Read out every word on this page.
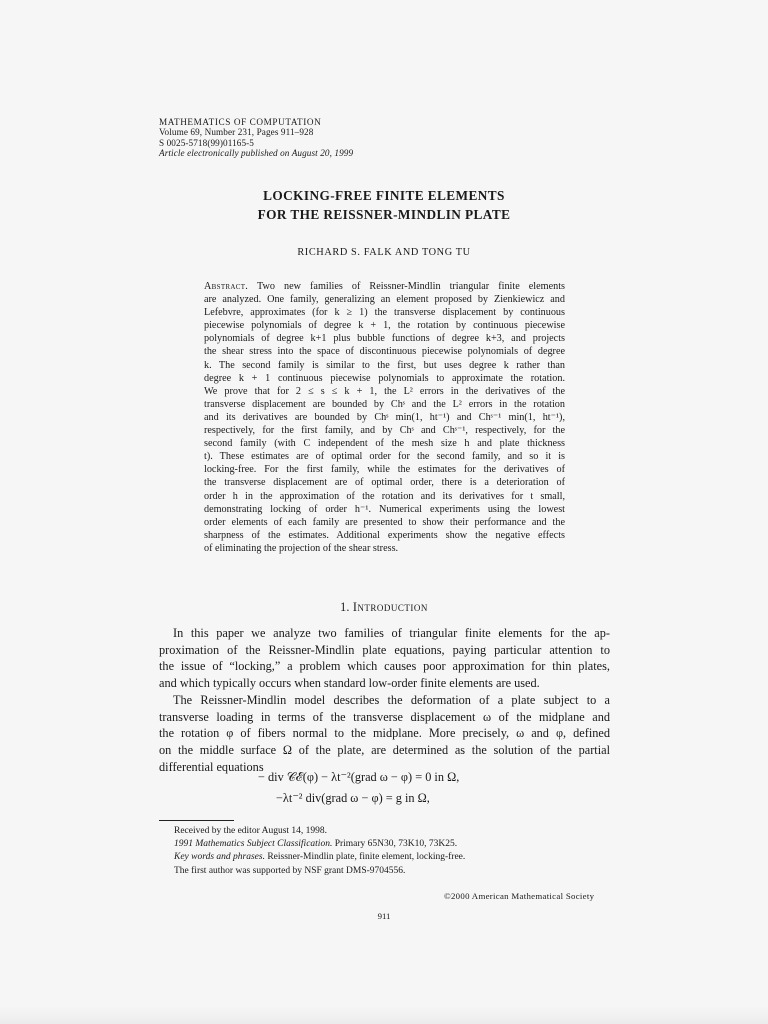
MATHEMATICS OF COMPUTATION
Volume 69, Number 231, Pages 911–928
S 0025-5718(99)01165-5
Article electronically published on August 20, 1999
LOCKING-FREE FINITE ELEMENTS
FOR THE REISSNER-MINDLIN PLATE
RICHARD S. FALK AND TONG TU
Abstract. Two new families of Reissner-Mindlin triangular finite elements
are analyzed. One family, generalizing an element proposed by Zienkiewicz and
Lefebvre, approximates (for k ≥ 1) the transverse displacement by continuous
piecewise polynomials of degree k + 1, the rotation by continuous piecewise
polynomials of degree k+1 plus bubble functions of degree k+3, and projects
the shear stress into the space of discontinuous piecewise polynomials of degree
k. The second family is similar to the first, but uses degree k rather than
degree k + 1 continuous piecewise polynomials to approximate the rotation.
We prove that for 2 ≤ s ≤ k + 1, the L² errors in the derivatives of the
transverse displacement are bounded by Chˢ and the L² errors in the rotation
and its derivatives are bounded by Chˢ min(1, ht⁻¹) and Chˢ⁻¹ min(1, ht⁻¹),
respectively, for the first family, and by Chˢ and Chˢ⁻¹, respectively, for the
second family (with C independent of the mesh size h and plate thickness
t). These estimates are of optimal order for the second family, and so it is
locking-free. For the first family, while the estimates for the derivatives of
the transverse displacement are of optimal order, there is a deterioration of
order h in the approximation of the rotation and its derivatives for t small,
demonstrating locking of order h⁻¹. Numerical experiments using the lowest
order elements of each family are presented to show their performance and the
sharpness of the estimates. Additional experiments show the negative effects
of eliminating the projection of the shear stress.
1. Introduction
In this paper we analyze two families of triangular finite elements for the ap-
proximation of the Reissner-Mindlin plate equations, paying particular attention to
the issue of “locking,” a problem which causes poor approximation for thin plates,
and which typically occurs when standard low-order finite elements are used.
The Reissner-Mindlin model describes the deformation of a plate subject to a
transverse loading in terms of the transverse displacement ω of the midplane and
the rotation φ of fibers normal to the midplane. More precisely, ω and φ, defined
on the middle surface Ω of the plate, are determined as the solution of the partial
differential equations
− div 𝒞ℰ(φ) − λt⁻²(grad ω − φ) = 0 in Ω,
−λt⁻² div(grad ω − φ) = g in Ω,
Received by the editor August 14, 1998.
1991 Mathematics Subject Classification. Primary 65N30, 73K10, 73K25.
Key words and phrases. Reissner-Mindlin plate, finite element, locking-free.
The first author was supported by NSF grant DMS-9704556.
©2000 American Mathematical Society
911
